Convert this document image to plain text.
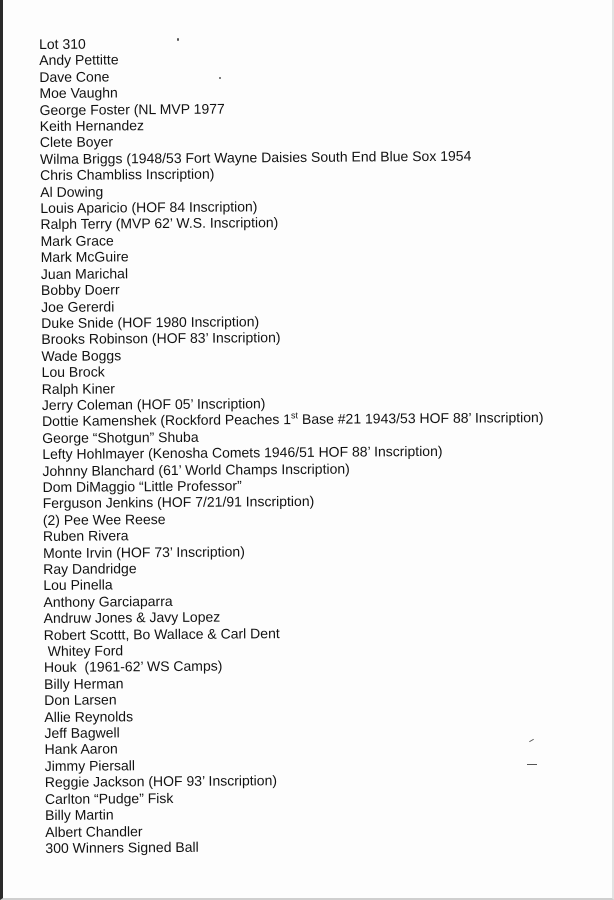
Lot 310
Andy Pettitte
Dave Cone
Moe Vaughn
George Foster (NL MVP 1977
Keith Hernandez
Clete Boyer
Wilma Briggs (1948/53 Fort Wayne Daisies South End Blue Sox 1954
Chris Chambliss Inscription)
Al Dowing
Louis Aparicio (HOF 84 Inscription)
Ralph Terry (MVP 62’ W.S. Inscription)
Mark Grace
Mark McGuire
Juan Marichal
Bobby Doerr
Joe Gererdi
Duke Snide (HOF 1980 Inscription)
Brooks Robinson (HOF 83’ Inscription)
Wade Boggs
Lou Brock
Ralph Kiner
Jerry Coleman (HOF 05’ Inscription)
Dottie Kamenshek (Rockford Peaches 1st Base #21 1943/53 HOF 88’ Inscription)
George “Shotgun” Shuba
Lefty Hohlmayer (Kenosha Comets 1946/51 HOF 88’ Inscription)
Johnny Blanchard (61’ World Champs Inscription)
Dom DiMaggio “Little Professor”
Ferguson Jenkins (HOF 7/21/91 Inscription)
(2) Pee Wee Reese
Ruben Rivera
Monte Irvin (HOF 73’ Inscription)
Ray Dandridge
Lou Pinella
Anthony Garciaparra
Andruw Jones & Javy Lopez
Robert Scottt, Bo Wallace & Carl Dent
Whitey Ford
Houk  (1961-62’ WS Camps)
Billy Herman
Don Larsen
Allie Reynolds
Jeff Bagwell
Hank Aaron
Jimmy Piersall
Reggie Jackson (HOF 93’ Inscription)
Carlton “Pudge” Fisk
Billy Martin
Albert Chandler
300 Winners Signed Ball
